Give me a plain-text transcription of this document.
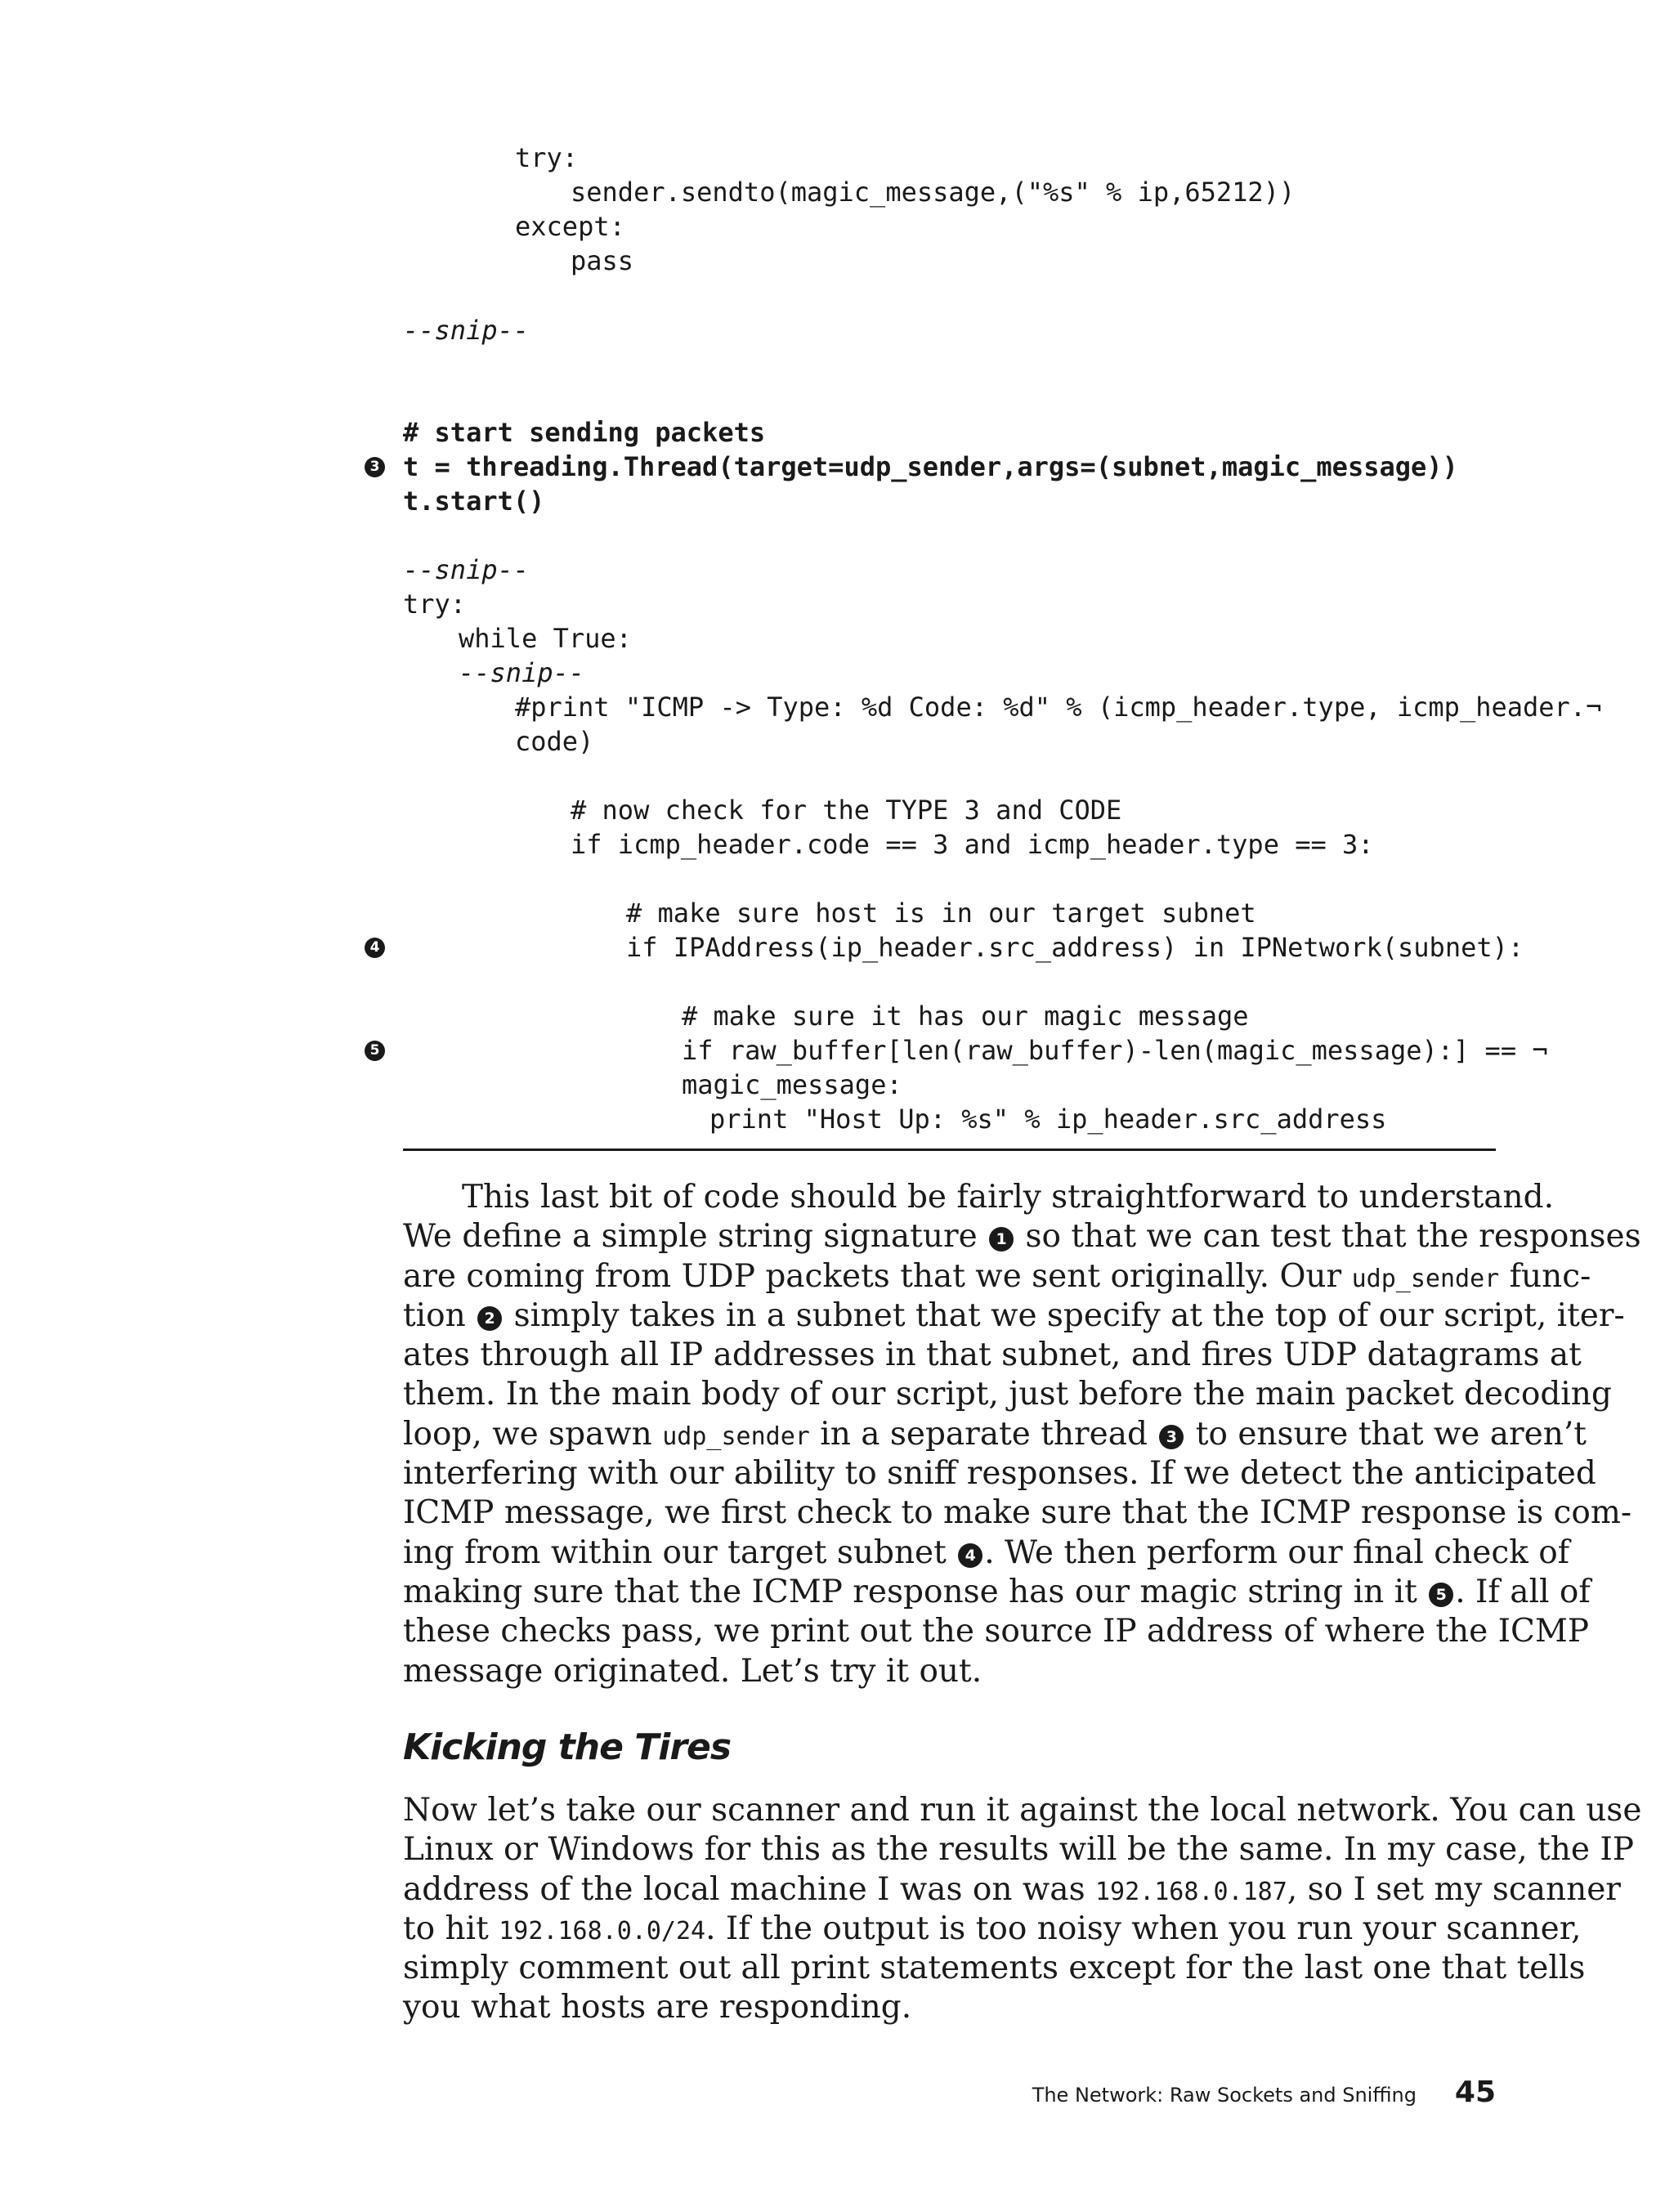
try:
sender.sendto(magic_message,("%s" % ip,65212))
except:
pass
--snip--
# start sending packets
3 t = threading.Thread(target=udp_sender,args=(subnet,magic_message))
t.start()
--snip--
try:
while True:
--snip--
#print "ICMP -> Type: %d Code: %d" % (icmp_header.type, icmp_header.¬
code)
# now check for the TYPE 3 and CODE
if icmp_header.code == 3 and icmp_header.type == 3:
# make sure host is in our target subnet
4	if IPAddress(ip_header.src_address) in IPNetwork(subnet):
# make sure it has our magic message
5	if raw_buffer[len(raw_buffer)-len(magic_message):] == ¬
magic_message:
print "Host Up: %s" % ip_header.src_address
This last bit of code should be fairly straightforward to understand.
We define a simple string signature 1 so that we can test that the responses
are coming from UDP packets that we sent originally. Our udp_sender func-
tion 2 simply takes in a subnet that we specify at the top of our script, iter-
ates through all IP addresses in that subnet, and fires UDP datagrams at
them. In the main body of our script, just before the main packet decoding
loop, we spawn udp_sender in a separate thread 3 to ensure that we aren’t
interfering with our ability to sniff responses. If we detect the anticipated
ICMP message, we first check to make sure that the ICMP response is com-
ing from within our target subnet 4 . We then perform our final check of
making sure that the ICMP response has our magic string in it 5 . If all of
these checks pass, we print out the source IP address of where the ICMP
message originated. Let’s try it out.
Kicking the Tires
Now let’s take our scanner and run it against the local network. You can use
Linux or Windows for this as the results will be the same. In my case, the IP
address of the local machine I was on was 192.168.0.187, so I set my scanner
to hit 192.168.0.0/24. If the output is too noisy when you run your scanner,
simply comment out all print statements except for the last one that tells
you what hosts are responding.
The Network: Raw Sockets and Sniffing 45
